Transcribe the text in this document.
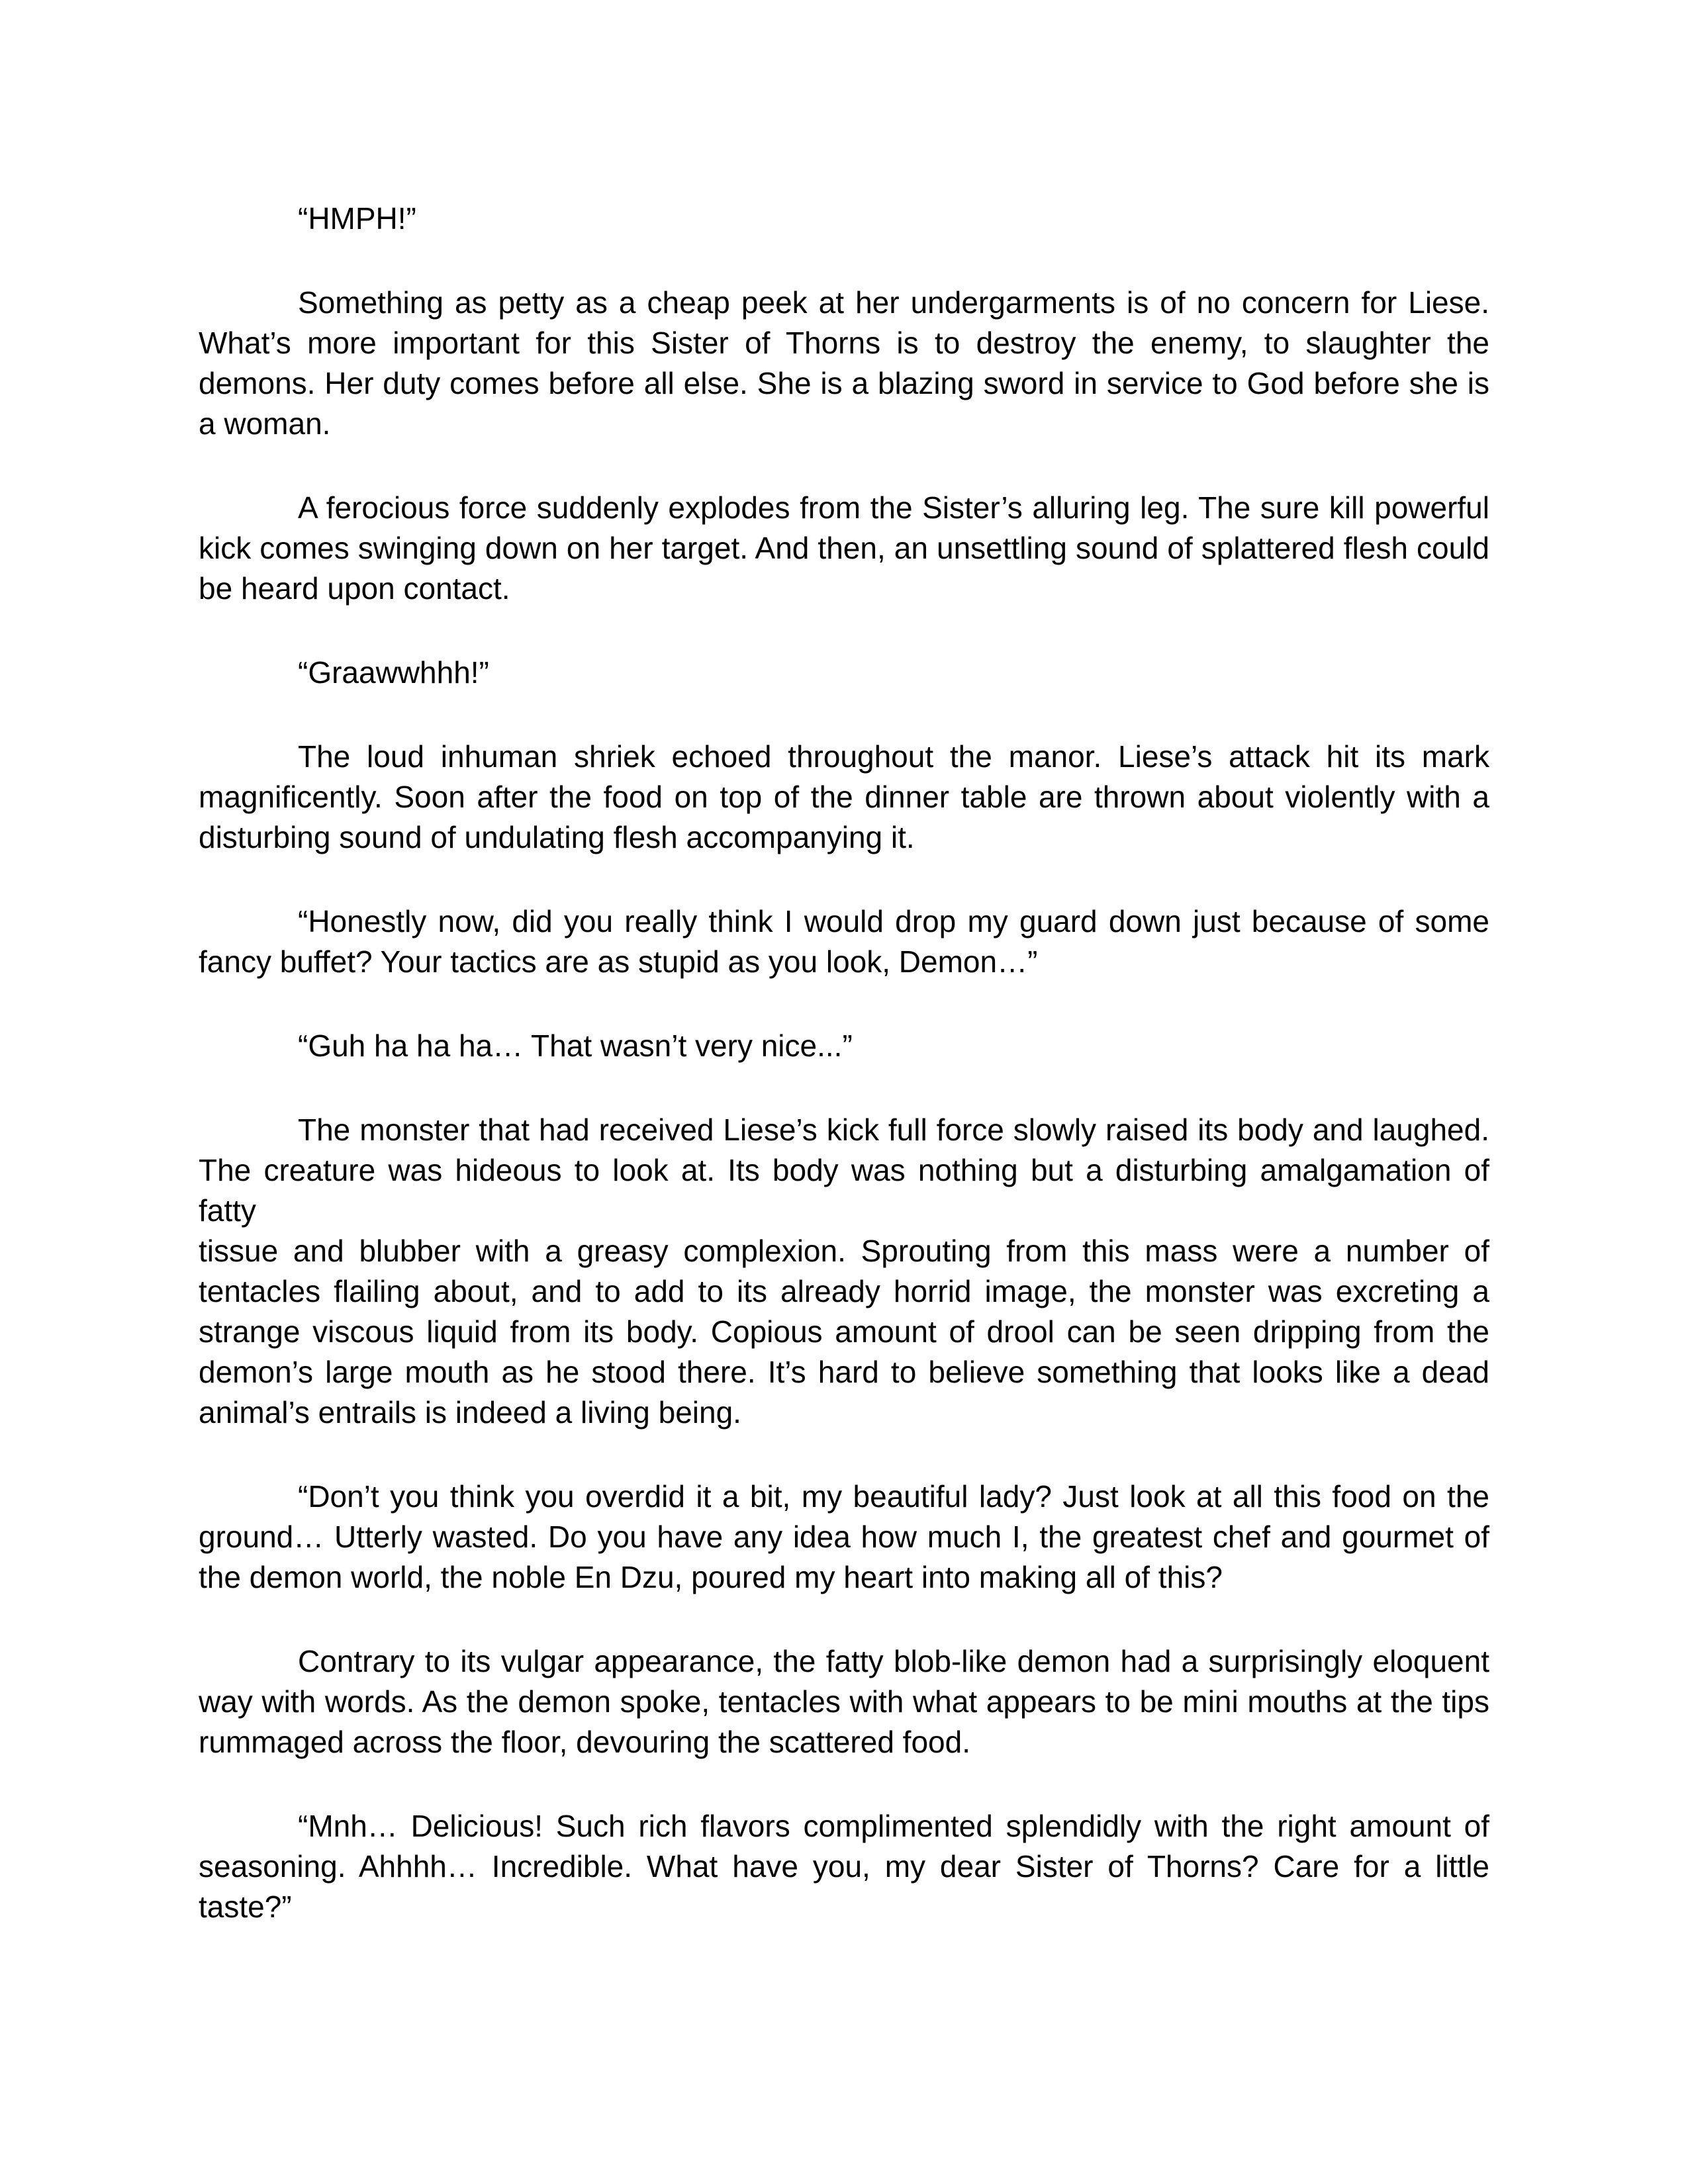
“HMPH!”
Something as petty as a cheap peek at her undergarments is of no concern for Liese.
What’s more important for this Sister of Thorns is to destroy the enemy, to slaughter the
demons. Her duty comes before all else. She is a blazing sword in service to God before she is
a woman.
A ferocious force suddenly explodes from the Sister’s alluring leg. The sure kill powerful
kick comes swinging down on her target. And then, an unsettling sound of splattered flesh could
be heard upon contact.
“Graawwhhh!”
The loud inhuman shriek echoed throughout the manor. Liese’s attack hit its mark
magnificently. Soon after the food on top of the dinner table are thrown about violently with a
disturbing sound of undulating flesh accompanying it.
“Honestly now, did you really think I would drop my guard down just because of some
fancy buffet? Your tactics are as stupid as you look, Demon…”
“Guh ha ha ha… That wasn’t very nice...”
The monster that had received Liese’s kick full force slowly raised its body and laughed.
The creature was hideous to look at. Its body was nothing but a disturbing amalgamation of fatty
tissue and blubber with a greasy complexion. Sprouting from this mass were a number of
tentacles flailing about, and to add to its already horrid image, the monster was excreting a
strange viscous liquid from its body. Copious amount of drool can be seen dripping from the
demon’s large mouth as he stood there. It’s hard to believe something that looks like a dead
animal’s entrails is indeed a living being.
“Don’t you think you overdid it a bit, my beautiful lady? Just look at all this food on the
ground… Utterly wasted. Do you have any idea how much I, the greatest chef and gourmet of
the demon world, the noble En Dzu, poured my heart into making all of this?
Contrary to its vulgar appearance, the fatty blob-like demon had a surprisingly eloquent
way with words. As the demon spoke, tentacles with what appears to be mini mouths at the tips
rummaged across the floor, devouring the scattered food.
“Mnh… Delicious! Such rich flavors complimented splendidly with the right amount of
seasoning. Ahhhh… Incredible. What have you, my dear Sister of Thorns? Care for a little
taste?”
